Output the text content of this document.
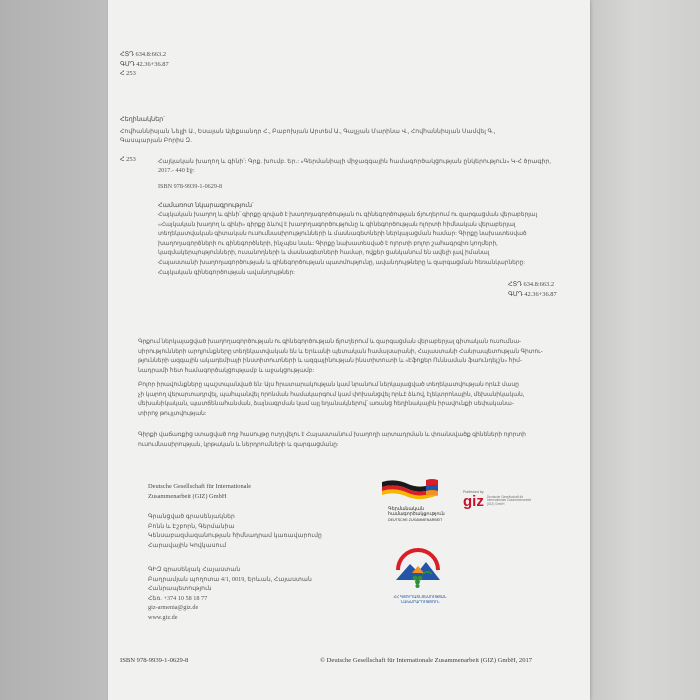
ՀՏԴ 634.8:663.2
ԳՄԴ 42.36+36.87
Հ 253
Հեղինակներ՝
Հովհաննիսյան Նելլի Ա., Եսայան Ալեքսանդր Հ., Բաբոխյան Արտեմ Ա., Գալչյան Մարինա Վ., Հովհաննիսյան Սամվել Գ.,
Գասպարյան Բորիս Զ.
Հ 253	Հայկական խաղող և գինի՛: Գրք. խումբ. Եր.: «Գերմանիայի միջազգային համագործակցության ընկերություն» Կ-Հ ծրագիր,
2017.- 440 էջ:
ISBN 978-9939-1-0629-8
Համառոտ նկարագրություն՝
Հայկական խաղող և գինի՛ գիրքը գրված է խաղողագործության ու գինեգործության ճյուղերում ու զարգացման վերաբերյալ
«Հայկական խաղող և գինի» գիրքը ձևով է խաղողագործությունը և գինեգործության ոլորտի հիմնական վերաբերյալ
տեղեկատվական գիտական ուսումնասիրությունների և մասնագետների ներկայացման համար: Գիրքը նախատեսված
խաղողագործների ու գինեգործների, ինչպես նաև: Գիրքը նախատեսված է ոլորտի բոլոր շահագրգիռ կողմերի,
կազմակերպությունների, ուսանողների և մասնագետների համար, ովքեր ցանկանում են ավելի լավ իմանալ
Հայաստանի խաղողագործության և գինեգործության պատմությունը, ավանդույթները և զարգացման հեռանկարները:
Հայկական գինեգործության ավանդույթներ:
ՀՏԴ 634.8:663.2
ԳՄԴ 42.36+36.87
Գրքում ներկայացված խաղողագործության ու գինեգործության ճյուղերում և զարգացման վերաբերյալ գիտական ուսումնա-
սիրությունների արդյունքները տեղեկատվական են և Երևանի պետական համալսարանի, Հայաստանի Հանրապետության Գիտու-
թյունների ազգային ակադեմիայի ինստիտուտների և ազգայինության ինստիտուտի և «Էֆոքեր Ուննաման ֆաունդեյշն» հիմ-
նադրամի հետ համագործակցությամբ և աջակցությամբ:
Բոլոր իրավունքները պաշտպանված են: Այս հրատարակության կամ նրանում ներկայացված տեղեկատվության որևէ մասը
չի կարող վերարտադրվել, պահպանվել որոնման համակարգում կամ փոխանցվել որևէ ձևով, էլեկտրոնային, մեխանիկական,
մեխանիկական, պատճենահանման, ձայնագրման կամ այլ եղանակներով՝ առանց հեղինակային իրավունքի սեփականա-
տիրոջ թույլտվության:
Գիրքի վաճառքից ստացված ողջ հասույթը ուղղվելու է Հայաստանում խաղողի արտադրման և փռանսվածք գինեների ոլորտի
ուսումնասիրության, կրթական և ներդրումների և զարգացմանը:
Deutsche Gesellschaft für Internationale
Zusammenarbeit (GIZ) GmbH
Գրանցված գրասենյակներ
Բոնն և Էշբորն, Գերմանիա
Կենսաբազմազանության հիմնադրամ կառավարումը
Հարավային Կովկասում
ԳԻԶ գրասենյակ Հայաստան
Բաղրամյան պողոտա 4/1, 0019, Երևան, Հայաստան
Հանրապետություն
Հեռ. +374 10 58 18 77
giz-armenia@giz.de
www.giz.de
Գերմանական
համագործակցություն
DEUTSCHE ZUSAMMENARBEIT
Published by
giz Deutsche Gesellschaft für Internationale Zusammenarbeit (GIZ) GmbH
ՀՀ ԳՅՈՒՂԱՏՆՏԵՍՈՒԹՅԱՆ
ՆԱԽԱՐԱՐՈՒԹՅՈՒՆ
ISBN 978-9939-1-0629-8	© Deutsche Gesellschaft für Internationale Zusammenarbeit (GIZ) GmbH, 2017
